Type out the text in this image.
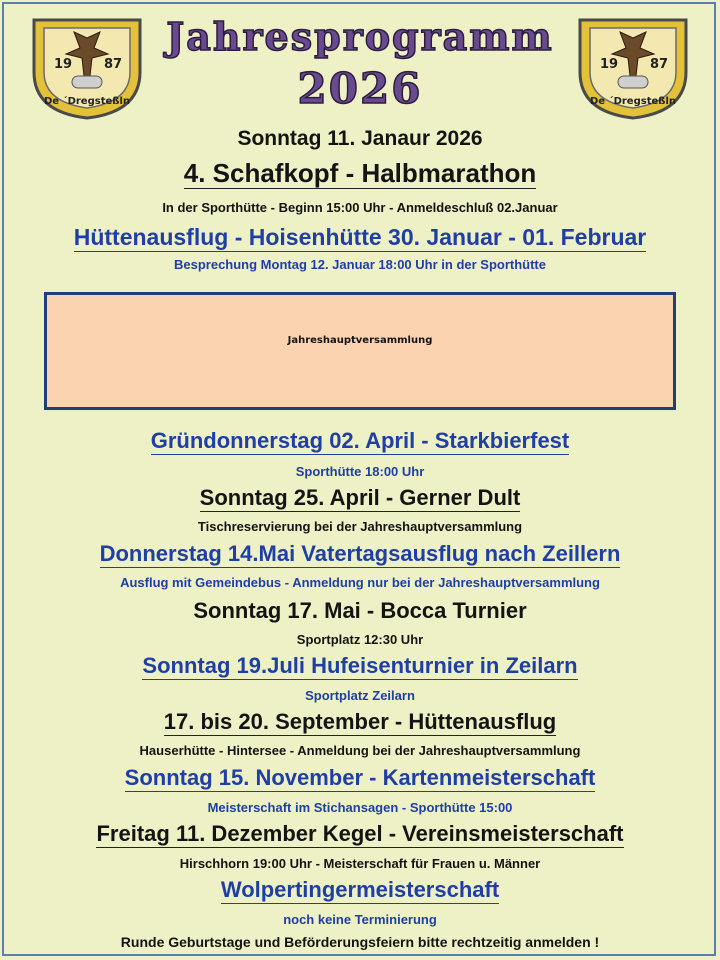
19 87
De ´Dregsteßln
19 87
De ´Dregsteßln
Jahresprogramm
2026
Sonntag 11. Janaur 2026
4. Schafkopf - Halbmarathon
In der Sporthütte - Beginn 15:00 Uhr - Anmeldeschluß 02.Januar
Hüttenausflug - Hoisenhütte 30. Januar - 01. Februar
Besprechung Montag 12. Januar 18:00 Uhr in der Sporthütte
Jahreshauptversammlung
Gründonnerstag 02. April - Starkbierfest
Sporthütte 18:00 Uhr
Sonntag 25. April - Gerner Dult
Tischreservierung bei der Jahreshauptversammlung
Donnerstag 14.Mai Vatertagsausflug nach Zeillern
Ausflug mit Gemeindebus - Anmeldung nur bei der Jahreshauptversammlung
Sonntag 17. Mai - Bocca Turnier
Sportplatz 12:30 Uhr
Sonntag 19.Juli Hufeisenturnier in Zeilarn
Sportplatz Zeilarn
17. bis 20. September - Hüttenausflug
Hauserhütte - Hintersee - Anmeldung bei der Jahreshauptversammlung
Sonntag 15. November - Kartenmeisterschaft
Meisterschaft im Stichansagen - Sporthütte 15:00
Freitag 11. Dezember Kegel - Vereinsmeisterschaft
Hirschhorn 19:00 Uhr - Meisterschaft für Frauen u. Männer
Wolpertingermeisterschaft
noch keine Terminierung
Runde Geburtstage und Beförderungsfeiern bitte rechtzeitig anmelden !
